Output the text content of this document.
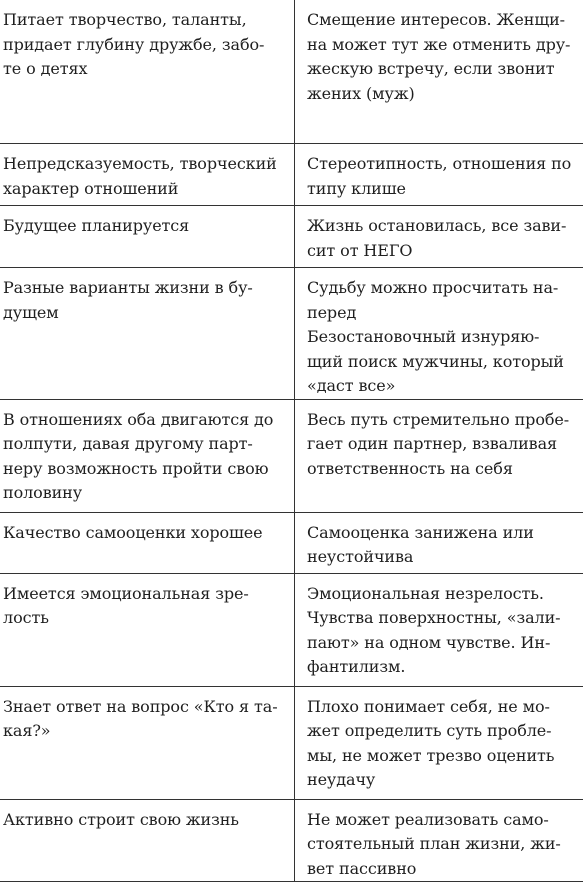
Питает творчество, таланты,
придает глубину дружбе, забо-
те о детях	Смещение интересов. Женщи-
на может тут же отменить дру-
жескую встречу, если звонит
жених (муж)

Непредсказуемость, творческий
характер отношений	Стереотипность, отношения по
типу клише

Будущее планируется	Жизнь остановилась, все зави-
сит от НЕГО

Разные варианты жизни в бу-
дущем	Судьбу можно просчитать на-
перед
Безостановочный изнуряю-
щий поиск мужчины, который
«даст все»

В отношениях оба двигаются до
полпути, давая другому парт-
неру возможность пройти свою
половину	Весь путь стремительно пробе-
гает один партнер, взваливая
ответственность на себя

Качество самооценки хорошее	Самооценка занижена или
неустойчива

Имеется эмоциональная зре-
лость	Эмоциональная незрелость.
Чувства поверхностны, «зали-
пают» на одном чувстве. Ин-
фантилизм.

Знает ответ на вопрос «Кто я та-
кая?»	Плохо понимает себя, не мо-
жет определить суть пробле-
мы, не может трезво оценить
неудачу

Активно строит свою жизнь	Не может реализовать само-
стоятельный план жизни, жи-
вет пассивно
